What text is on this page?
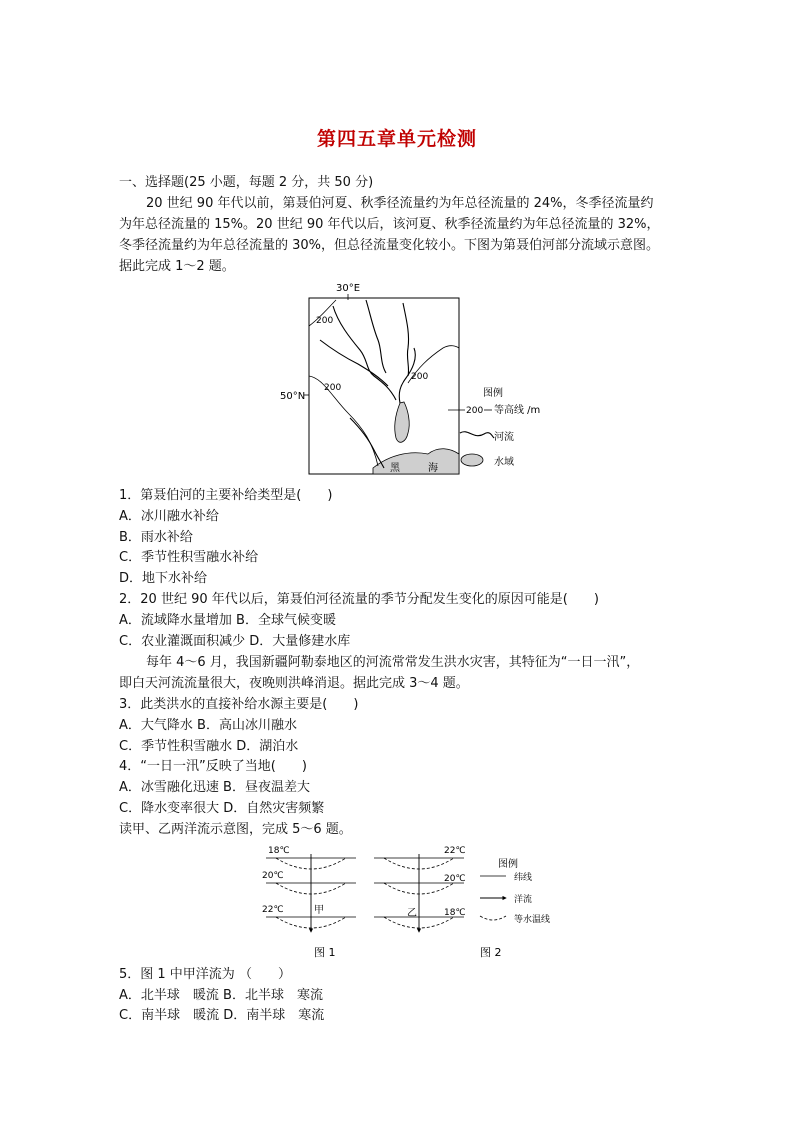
第四五章单元检测
一、选择题(25 小题，每题 2 分，共 50 分)
20 世纪 90 年代以前，第聂伯河夏、秋季径流量约为年总径流量的 24%，冬季径流量约
为年总径流量的 15%。20 世纪 90 年代以后，该河夏、秋季径流量约为年总径流量的 32%，
冬季径流量约为年总径流量的 30%，但总径流量变化较小。下图为第聂伯河部分流域示意图。
据此完成 1～2 题。
30°E
50°N
黑	海
200
200
200
图例
200 等高线 /m
河流
水域
1．第聂伯河的主要补给类型是(　　)
A．冰川融水补给
B．雨水补给
C．季节性积雪融水补给
D．地下水补给
2．20 世纪 90 年代以后，第聂伯河径流量的季节分配发生变化的原因可能是(　　)
A．流域降水量增加 B．全球气候变暖
C．农业灌溉面积减少 D．大量修建水库
每年 4～6 月，我国新疆阿勒泰地区的河流常常发生洪水灾害，其特征为“一日一汛”，
即白天河流流量很大，夜晚则洪峰消退。据此完成 3～4 题。
3．此类洪水的直接补给水源主要是(　　)
A．大气降水 B．高山冰川融水
C．季节性积雪融水 D．湖泊水
4．“一日一汛”反映了当地(　　)
A．冰雪融化迅速 B．昼夜温差大
C．降水变率很大 D．自然灾害频繁
读甲、乙两洋流示意图，完成 5～6 题。
18℃
20℃
22℃	甲
图 1
22℃
20℃
18℃
乙
图 2
图例
纬线
洋流
等水温线
5．图 1 中甲洋流为 （　　）
A．北半球　暖流 B．北半球　寒流
C．南半球　暖流 D．南半球　寒流
